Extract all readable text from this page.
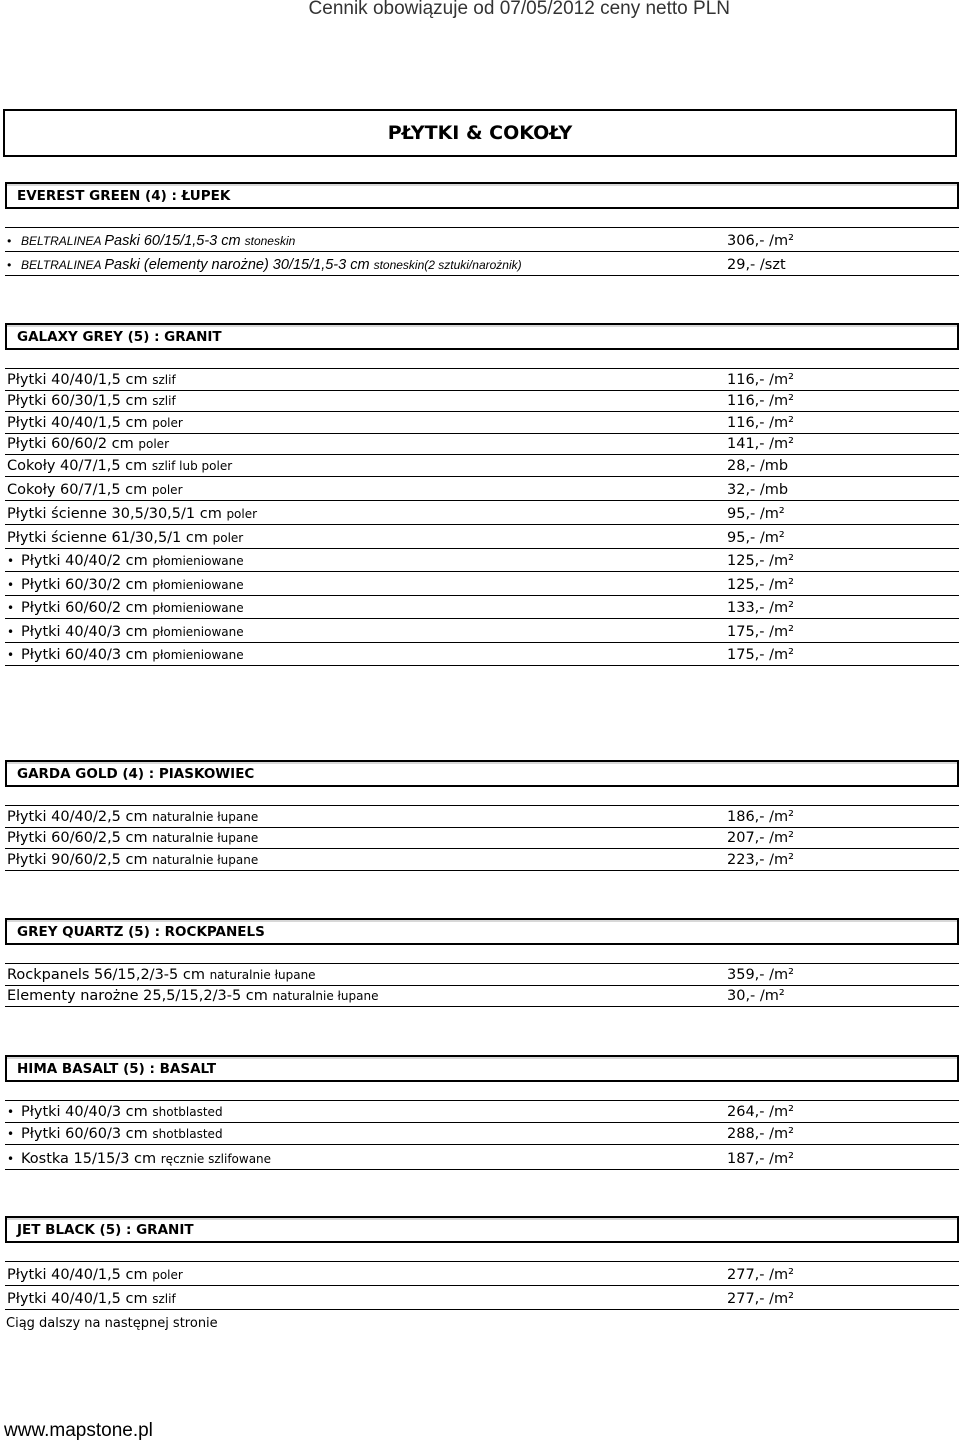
Cennik obowiązuje od 07/05/2012 ceny netto PLN
PŁYTKI & COKOŁY
EVEREST GREEN (4) : ŁUPEK
• BELTRALINEA Paski 60/15/1,5-3 cm stoneskin	306,- /m²
• BELTRALINEA Paski (elementy narożne) 30/15/1,5-3 cm stoneskin(2 sztuki/narożnik)	29,- /szt
GALAXY GREY (5) : GRANIT
Płytki 40/40/1,5 cm szlif	116,- /m²
Płytki 60/30/1,5 cm szlif	116,- /m²
Płytki 40/40/1,5 cm poler	116,- /m²
Płytki 60/60/2 cm poler	141,- /m²
Cokoły 40/7/1,5 cm szlif lub poler	28,- /mb
Cokoły 60/7/1,5 cm poler	32,- /mb
Płytki ścienne 30,5/30,5/1 cm poler	95,- /m²
Płytki ścienne 61/30,5/1 cm poler	95,- /m²
• Płytki 40/40/2 cm płomieniowane	125,- /m²
• Płytki 60/30/2 cm płomieniowane	125,- /m²
• Płytki 60/60/2 cm płomieniowane	133,- /m²
• Płytki 40/40/3 cm płomieniowane	175,- /m²
• Płytki 60/40/3 cm płomieniowane	175,- /m²
GARDA GOLD (4) : PIASKOWIEC
Płytki 40/40/2,5 cm naturalnie łupane	186,- /m²
Płytki 60/60/2,5 cm naturalnie łupane	207,- /m²
Płytki 90/60/2,5 cm naturalnie łupane	223,- /m²
GREY QUARTZ (5) : ROCKPANELS
Rockpanels 56/15,2/3-5 cm naturalnie łupane	359,- /m²
Elementy narożne 25,5/15,2/3-5 cm naturalnie łupane	30,- /m²
HIMA BASALT (5) : BASALT
• Płytki 40/40/3 cm shotblasted	264,- /m²
• Płytki 60/60/3 cm shotblasted	288,- /m²
• Kostka 15/15/3 cm ręcznie szlifowane	187,- /m²
JET BLACK (5) : GRANIT
Płytki 40/40/1,5 cm poler	277,- /m²
Płytki 40/40/1,5 cm szlif	277,- /m²
Ciąg dalszy na następnej stronie
www.mapstone.pl
